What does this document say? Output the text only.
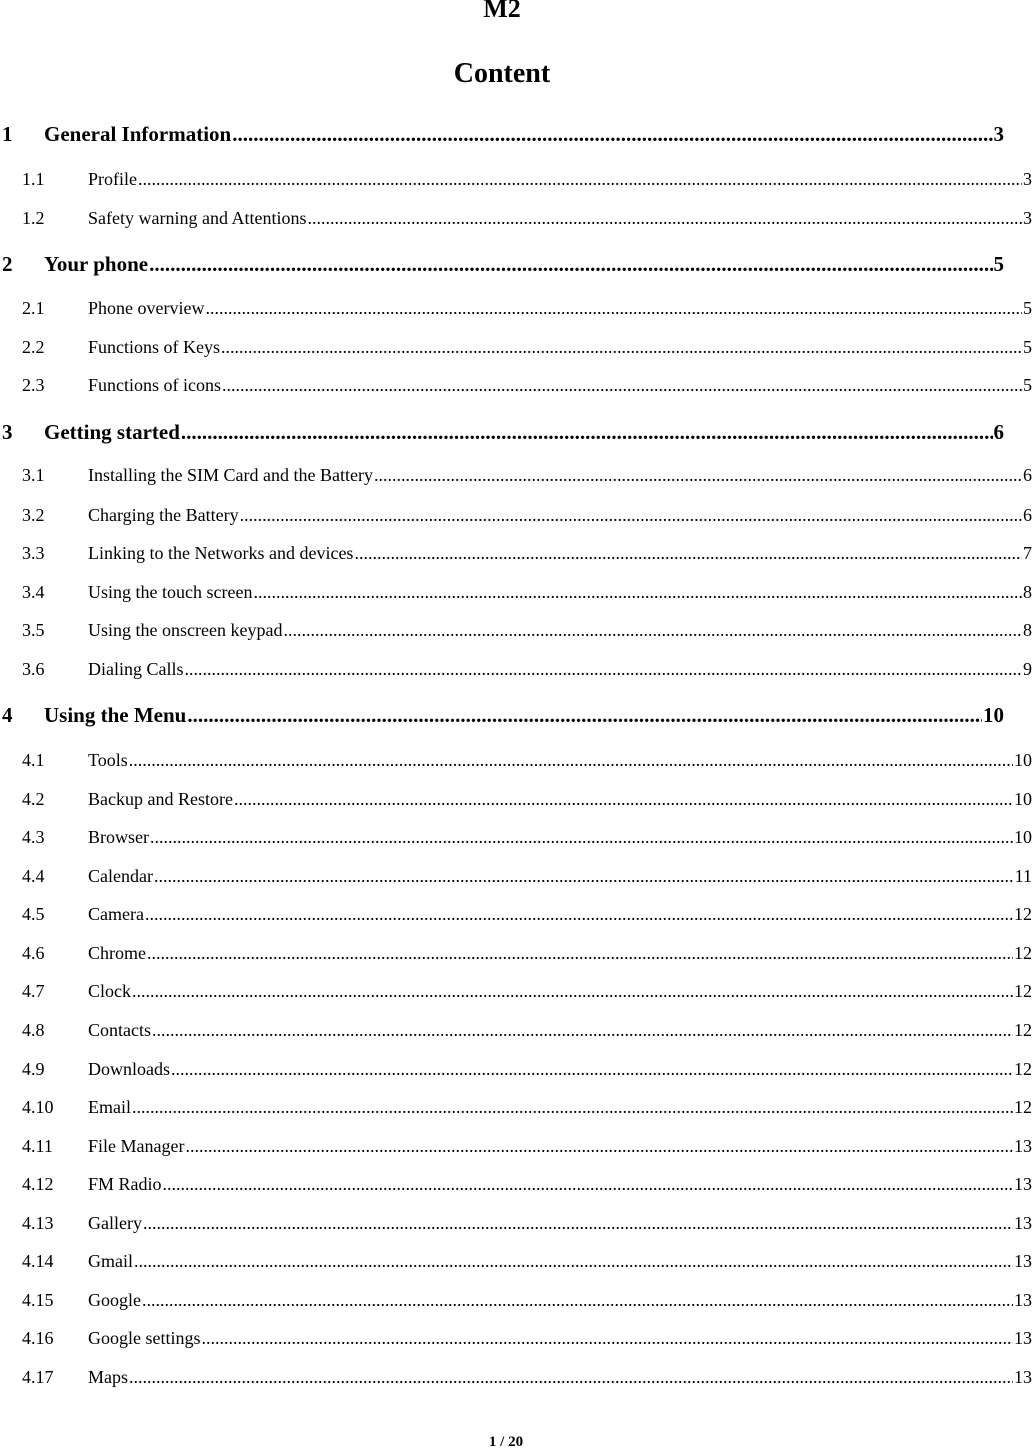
M2
Content
1	General Information .....	3
1.1	Profile .....	3
1.2	Safety warning and Attentions .....	3
2	Your phone .....	5
2.1	Phone overview .....	5
2.2	Functions of Keys .....	5
2.3	Functions of icons .....	5
3	Getting started .....	6
3.1	Installing the SIM Card and the Battery .....	6
3.2	Charging the Battery .....	6
3.3	Linking to the Networks and devices .....	7
3.4	Using the touch screen .....	8
3.5	Using the onscreen keypad .....	8
3.6	Dialing Calls .....	9
4	Using the Menu .....	10
4.1	Tools .....	10
4.2	Backup and Restore .....	10
4.3	Browser .....	10
4.4	Calendar .....	11
4.5	Camera .....	12
4.6	Chrome .....	12
4.7	Clock .....	12
4.8	Contacts .....	12
4.9	Downloads .....	12
4.10	Email .....	12
4.11	File Manager .....	13
4.12	FM Radio .....	13
4.13	Gallery .....	13
4.14	Gmail .....	13
4.15	Google .....	13
4.16	Google settings .....	13
4.17	Maps .....	13
1 / 20
